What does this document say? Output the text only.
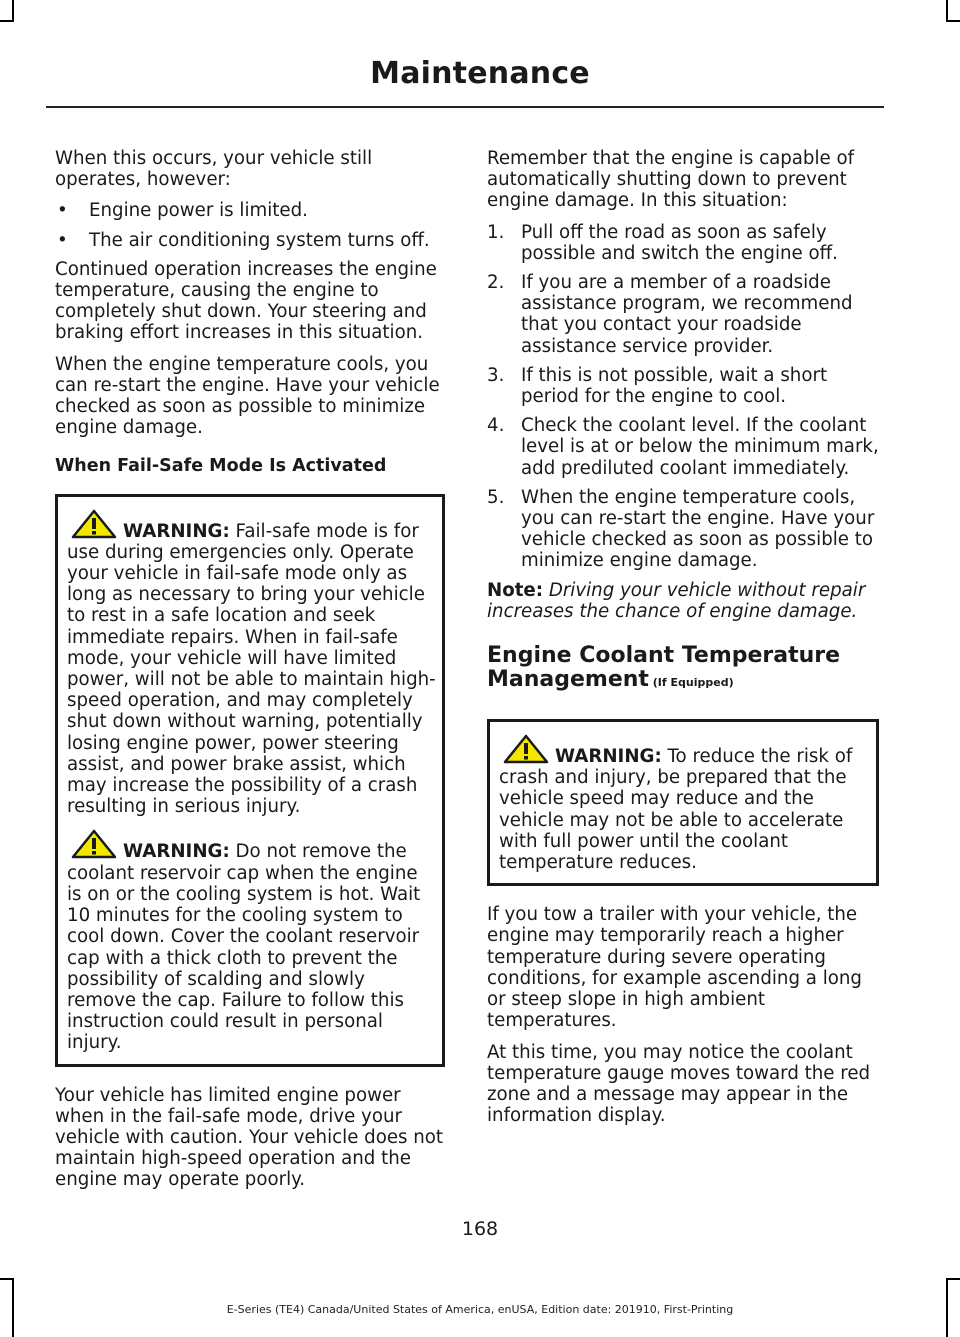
Maintenance

When this occurs, your vehicle still operates, however:

• Engine power is limited.
• The air conditioning system turns off.

Continued operation increases the engine temperature, causing the engine to completely shut down. Your steering and braking effort increases in this situation.

When the engine temperature cools, you can re-start the engine. Have your vehicle checked as soon as possible to minimize engine damage.

When Fail-Safe Mode Is Activated

WARNING: Fail-safe mode is for use during emergencies only. Operate your vehicle in fail-safe mode only as long as necessary to bring your vehicle to rest in a safe location and seek immediate repairs. When in fail-safe mode, your vehicle will have limited power, will not be able to maintain high-speed operation, and may completely shut down without warning, potentially losing engine power, power steering assist, and power brake assist, which may increase the possibility of a crash resulting in serious injury.

WARNING: Do not remove the coolant reservoir cap when the engine is on or the cooling system is hot. Wait 10 minutes for the cooling system to cool down. Cover the coolant reservoir cap with a thick cloth to prevent the possibility of scalding and slowly remove the cap. Failure to follow this instruction could result in personal injury.

Your vehicle has limited engine power when in the fail-safe mode, drive your vehicle with caution. Your vehicle does not maintain high-speed operation and the engine may operate poorly.

Remember that the engine is capable of automatically shutting down to prevent engine damage. In this situation:

1. Pull off the road as soon as safely possible and switch the engine off.
2. If you are a member of a roadside assistance program, we recommend that you contact your roadside assistance service provider.
3. If this is not possible, wait a short period for the engine to cool.
4. Check the coolant level. If the coolant level is at or below the minimum mark, add prediluted coolant immediately.
5. When the engine temperature cools, you can re-start the engine. Have your vehicle checked as soon as possible to minimize engine damage.

Note: Driving your vehicle without repair increases the chance of engine damage.

Engine Coolant Temperature Management (If Equipped)

WARNING: To reduce the risk of crash and injury, be prepared that the vehicle speed may reduce and the vehicle may not be able to accelerate with full power until the coolant temperature reduces.

If you tow a trailer with your vehicle, the engine may temporarily reach a higher temperature during severe operating conditions, for example ascending a long or steep slope in high ambient temperatures.

At this time, you may notice the coolant temperature gauge moves toward the red zone and a message may appear in the information display.

168
E-Series (TE4) Canada/United States of America, enUSA, Edition date: 201910, First-Printing
